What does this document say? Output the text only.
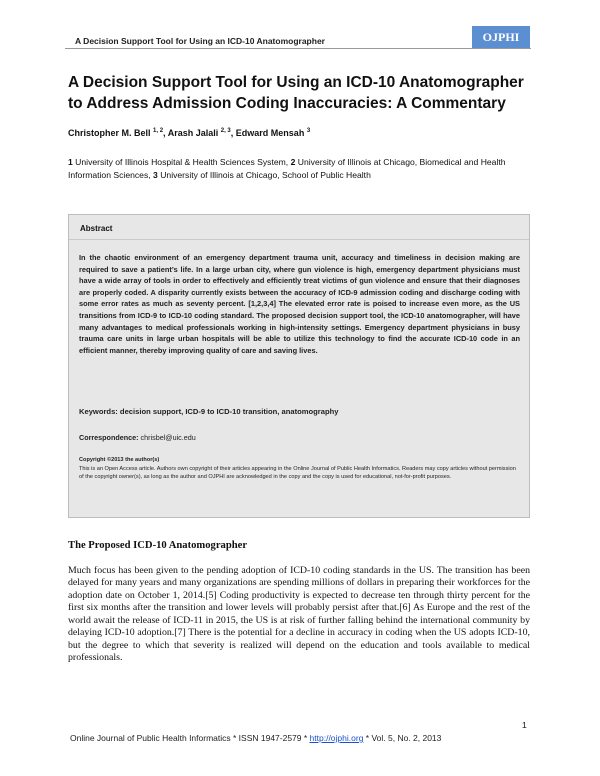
A Decision Support Tool for Using an ICD-10 Anatomographer	OJPHI
A Decision Support Tool for Using an ICD-10 Anatomographer to Address Admission Coding Inaccuracies: A Commentary
Christopher M. Bell $^{1, 2}$, Arash Jalali $^{2, 3}$, Edward Mensah $^3$
1 University of Illinois Hospital & Health Sciences System, 2 University of Illinois at Chicago, Biomedical and Health Information Sciences, 3 University of Illinois at Chicago, School of Public Health
Abstract

In the chaotic environment of an emergency department trauma unit, accuracy and timeliness in decision making are required to save a patient’s life. In a large urban city, where gun violence is high, emergency department physicians must have a wide array of tools in order to effectively and efficiently treat victims of gun violence and ensure that their diagnoses are properly coded. A disparity currently exists between the accuracy of ICD-9 admission coding and discharge coding with some error rates as much as seventy percent. [1,2,3,4] The elevated error rate is poised to increase even more, as the US transitions from ICD-9 to ICD-10 coding standard. The proposed decision support tool, the ICD-10 anatomographer, will have many advantages to medical professionals working in high-intensity settings. Emergency department physicians in busy trauma care units in large urban hospitals will be able to utilize this technology to find the accurate ICD-10 code in an efficient manner, thereby improving quality of care and saving lives.

Keywords: decision support, ICD-9 to ICD-10 transition, anatomography
Correspondence: chrisbel@uic.edu
Copyright ©2013 the author(s)
This is an Open Access article. Authors own copyright of their articles appearing in the Online Journal of Public Health Informatics. Readers may copy articles without permission of the copyright owner(s), as long as the author and OJPHI are acknowledged in the copy and the copy is used for educational, not-for-profit purposes.
The Proposed ICD-10 Anatomographer

Much focus has been given to the pending adoption of ICD-10 coding standards in the US. The transition has been delayed for many years and many organizations are spending millions of dollars in preparing their workforces for the adoption date on October 1, 2014.[5] Coding productivity is expected to decrease ten through thirty percent for the first six months after the transition and lower levels will probably persist after that.[6] As Europe and the rest of the world await the release of ICD-11 in 2015, the US is at risk of further falling behind the international community by delaying ICD-10 adoption.[7] There is the potential for a decline in accuracy in coding when the US adopts ICD-10, but the degree to which that severity is realized will depend on the education and tools available to medical professionals.

1
Online Journal of Public Health Informatics * ISSN 1947-2579 * http://ojphi.org * Vol. 5, No. 2, 2013
